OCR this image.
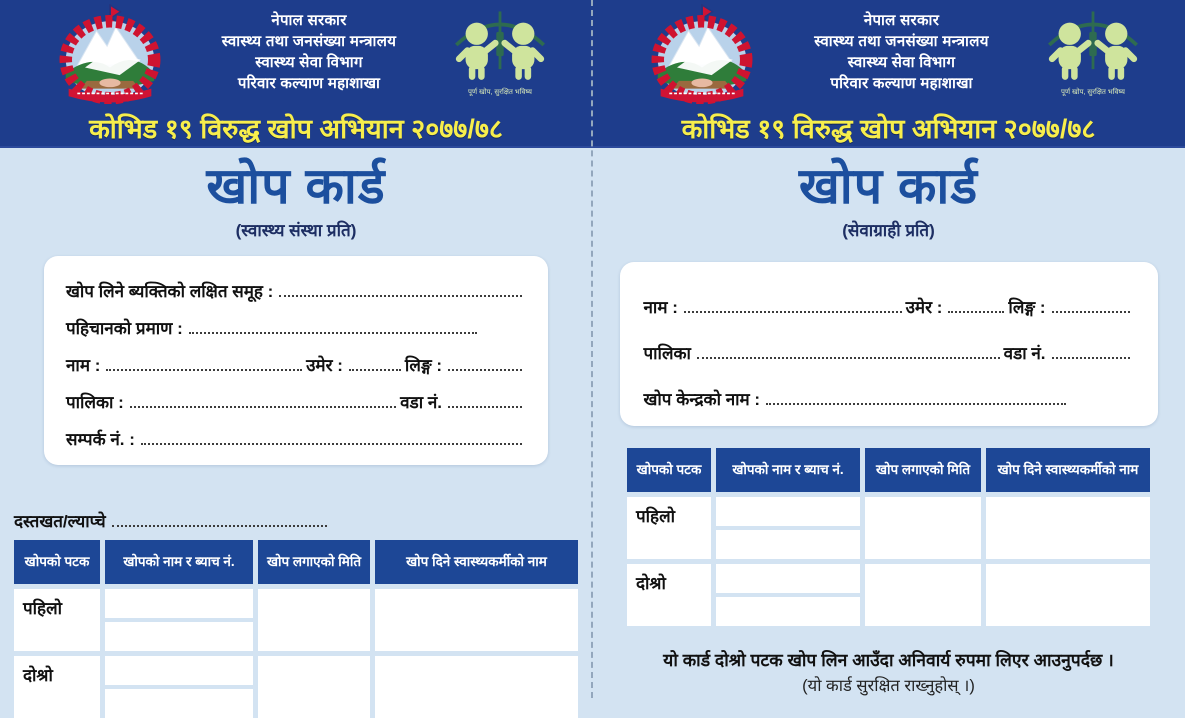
नेपाल सरकार
स्वास्थ्य तथा जनसंख्या मन्त्रालय
स्वास्थ्य सेवा विभाग
परिवार कल्याण महाशाखा
पूर्ण खोप, सुरक्षित भविष्य
कोभिड १९ विरुद्ध खोप अभियान २०७७/७८
खोप कार्ड
(स्वास्थ्य संस्था प्रति)
खोप लिने ब्यक्तिको लक्षित समूह :
पहिचानको प्रमाण :
नाम :	उमेर :	लिङ्ग :
पालिका :	वडा नं.
सम्पर्क नं. :
दस्तखत/ल्याप्चे
खोपको पटक	खोपको नाम र ब्याच नं.	खोप लगाएको मिति	खोप दिने स्वास्थ्यकर्मीको नाम
पहिलो
दोश्रो
नेपाल सरकार
स्वास्थ्य तथा जनसंख्या मन्त्रालय
स्वास्थ्य सेवा विभाग
परिवार कल्याण महाशाखा
पूर्ण खोप, सुरक्षित भविष्य
कोभिड १९ विरुद्ध खोप अभियान २०७७/७८
खोप कार्ड
(सेवाग्राही प्रति)
नाम :	उमेर :	लिङ्ग :
पालिका	वडा नं.
खोप केन्द्रको नाम :
खोपको पटक	खोपको नाम र ब्याच नं.	खोप लगाएको मिति	खोप दिने स्वास्थ्यकर्मीको नाम
पहिलो
दोश्रो
यो कार्ड दोश्रो पटक खोप लिन आउँदा अनिवार्य रुपमा लिएर आउनुपर्दछ ।
(यो कार्ड सुरक्षित राख्नुहोस् ।)
